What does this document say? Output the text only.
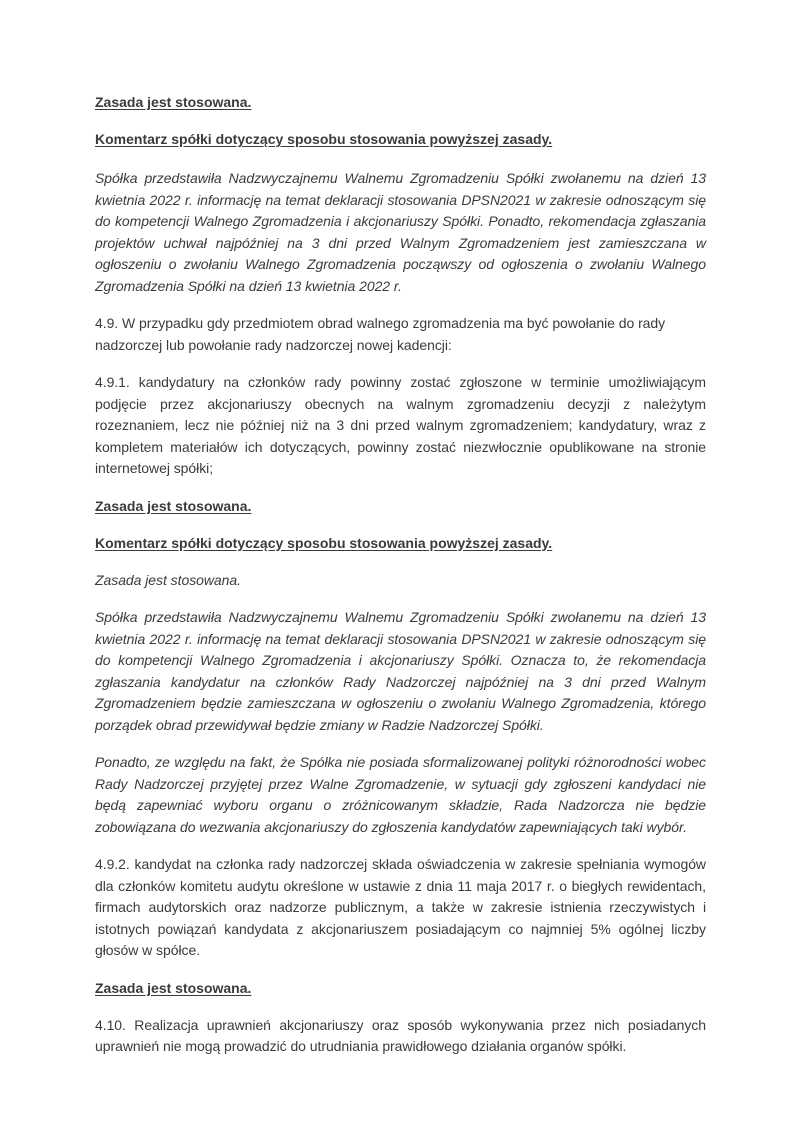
Zasada jest stosowana.

Komentarz spółki dotyczący sposobu stosowania powyższej zasady.

Spółka przedstawiła Nadzwyczajnemu Walnemu Zgromadzeniu Spółki zwołanemu na dzień 13 kwietnia 2022 r. informację na temat deklaracji stosowania DPSN2021 w zakresie odnoszącym się do kompetencji Walnego Zgromadzenia i akcjonariuszy Spółki. Ponadto, rekomendacja zgłaszania projektów uchwał najpóźniej na 3 dni przed Walnym Zgromadzeniem jest zamieszczana w ogłoszeniu o zwołaniu Walnego Zgromadzenia począwszy od ogłoszenia o zwołaniu Walnego Zgromadzenia Spółki na dzień 13 kwietnia 2022 r.

4.9. W przypadku gdy przedmiotem obrad walnego zgromadzenia ma być powołanie do rady nadzorczej lub powołanie rady nadzorczej nowej kadencji:

4.9.1. kandydatury na członków rady powinny zostać zgłoszone w terminie umożliwiającym podjęcie przez akcjonariuszy obecnych na walnym zgromadzeniu decyzji z należytym rozeznaniem, lecz nie później niż na 3 dni przed walnym zgromadzeniem; kandydatury, wraz z kompletem materiałów ich dotyczących, powinny zostać niezwłocznie opublikowane na stronie internetowej spółki;

Zasada jest stosowana.

Komentarz spółki dotyczący sposobu stosowania powyższej zasady.

Zasada jest stosowana.

Spółka przedstawiła Nadzwyczajnemu Walnemu Zgromadzeniu Spółki zwołanemu na dzień 13 kwietnia 2022 r. informację na temat deklaracji stosowania DPSN2021 w zakresie odnoszącym się do kompetencji Walnego Zgromadzenia i akcjonariuszy Spółki. Oznacza to, że rekomendacja zgłaszania kandydatur na członków Rady Nadzorczej najpóźniej na 3 dni przed Walnym Zgromadzeniem będzie zamieszczana w ogłoszeniu o zwołaniu Walnego Zgromadzenia, którego porządek obrad przewidywał będzie zmiany w Radzie Nadzorczej Spółki.

Ponadto, ze względu na fakt, że Spółka nie posiada sformalizowanej polityki różnorodności wobec Rady Nadzorczej przyjętej przez Walne Zgromadzenie, w sytuacji gdy zgłoszeni kandydaci nie będą zapewniać wyboru organu o zróżnicowanym składzie, Rada Nadzorcza nie będzie zobowiązana do wezwania akcjonariuszy do zgłoszenia kandydatów zapewniających taki wybór.

4.9.2. kandydat na członka rady nadzorczej składa oświadczenia w zakresie spełniania wymogów dla członków komitetu audytu określone w ustawie z dnia 11 maja 2017 r. o biegłych rewidentach, firmach audytorskich oraz nadzorze publicznym, a także w zakresie istnienia rzeczywistych i istotnych powiązań kandydata z akcjonariuszem posiadającym co najmniej 5% ogólnej liczby głosów w spółce.

Zasada jest stosowana.

4.10. Realizacja uprawnień akcjonariuszy oraz sposób wykonywania przez nich posiadanych uprawnień nie mogą prowadzić do utrudniania prawidłowego działania organów spółki.
